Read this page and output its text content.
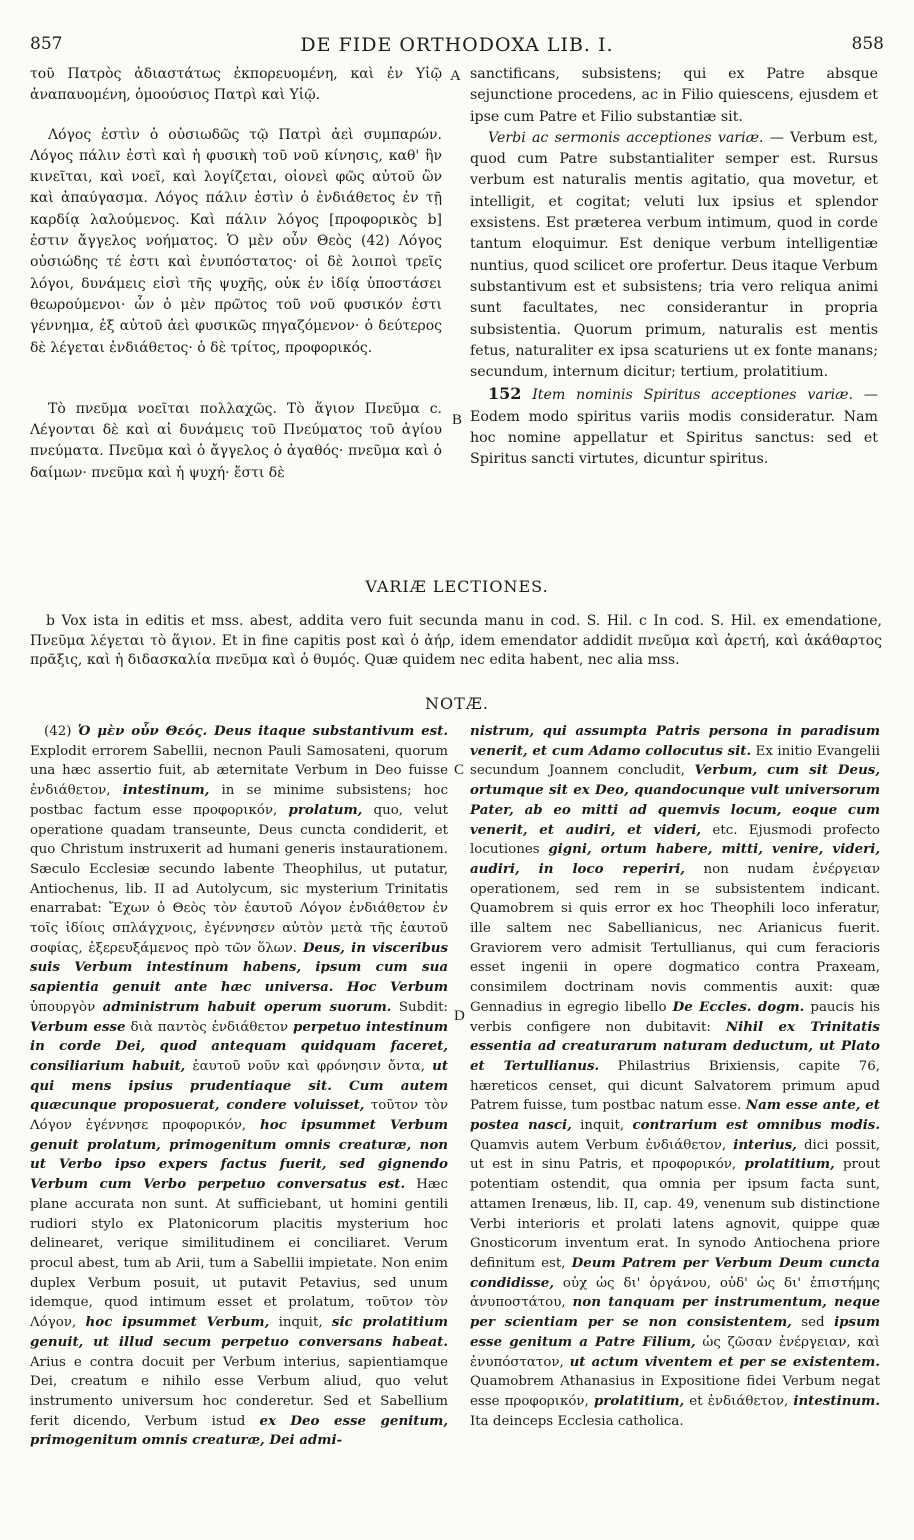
857	DE FIDE ORTHODOXA LIB. I.	858

τοῦ Πατρὸς ἀδιαστάτως ἐκπορευομένη, καὶ ἐν Υἱῷ ἀναπαυομένη, ὁμοούσιος Πατρὶ καὶ Υἱῷ.

Λόγος ἐστὶν ὁ οὐσιωδῶς τῷ Πατρὶ ἀεὶ συμπαρών. Λόγος πάλιν ἐστὶ καὶ ἡ φυσικὴ τοῦ νοῦ κίνησις, καθ' ἣν κινεῖται, καὶ νοεῖ, καὶ λογίζεται, οἱονεὶ φῶς αὐτοῦ ὢν καὶ ἀπαύγασμα. Λόγος πάλιν ἐστὶν ὁ ἐνδιάθετος ἐν τῇ καρδίᾳ λαλούμενος. Καὶ πάλιν λόγος [προφορικὸς b] ἐστιν ἄγγελος νοήματος. Ὁ μὲν οὖν Θεὸς (42) Λόγος οὐσιώδης τέ ἐστι καὶ ἐνυπόστατος· οἱ δὲ λοιποὶ τρεῖς λόγοι, δυνάμεις εἰσὶ τῆς ψυχῆς, οὐκ ἐν ἰδίᾳ ὑποστάσει θεωρούμενοι· ὧν ὁ μὲν πρῶτος τοῦ νοῦ φυσικόν ἐστι γέννημα, ἐξ αὐτοῦ ἀεὶ φυσικῶς πηγαζόμενον· ὁ δεύτερος δὲ λέγεται ἐνδιάθετος· ὁ δὲ τρίτος, προφορικός.

Τὸ πνεῦμα νοεῖται πολλαχῶς. Τὸ ἅγιον Πνεῦμα c. Λέγονται δὲ καὶ αἱ δυνάμεις τοῦ Πνεύματος τοῦ ἁγίου πνεύματα. Πνεῦμα καὶ ὁ ἄγγελος ὁ ἀγαθός· πνεῦμα καὶ ὁ δαίμων· πνεῦμα καὶ ἡ ψυχή· ἔστι δὲ

sanctificans, subsistens; qui ex Patre absque sejunctione procedens, ac in Filio quiescens, ejusdem et ipse cum Patre et Filio substantiæ sit.

Verbi ac sermonis acceptiones variæ. — Verbum est, quod cum Patre substantialiter semper est. Rursus verbum est naturalis mentis agitatio, qua movetur, et intelligit, et cogitat; veluti lux ipsius et splendor exsistens. Est præterea verbum intimum, quod in corde tantum eloquimur. Est denique verbum intelligentiæ nuntius, quod scilicet ore profertur. Deus itaque Verbum substantivum est et subsistens; tria vero reliqua animi sunt facultates, nec considerantur in propria subsistentia. Quorum primum, naturalis est mentis fetus, naturaliter ex ipsa scaturiens ut ex fonte manans; secundum, internum dicitur; tertium, prolatitium.

152 Item nominis Spiritus acceptiones variæ. — Eodem modo spiritus variis modis consideratur. Nam hoc nomine appellatur et Spiritus sanctus: sed et Spiritus sancti virtutes, dicuntur spiritus.

A
B
C
D
VARIÆ LECTIONES.

b Vox ista in editis et mss. abest, addita vero fuit secunda manu in cod. S. Hil. c In cod. S. Hil. ex emendatione, Πνεῦμα λέγεται τὸ ἅγιον. Et in fine capitis post καὶ ὁ ἀήρ, idem emendator addidit πνεῦμα καὶ ἀρετή, καὶ ἀκάθαρτος πρᾶξις, καὶ ἡ διδασκαλία πνεῦμα καὶ ὁ θυμός. Quæ quidem nec edita habent, nec alia mss.

NOTÆ.

(42) Ὁ μὲν οὖν Θεός. Deus itaque substantivum est. Explodit errorem Sabellii, necnon Pauli Samosateni, quorum una hæc assertio fuit, ab æternitate Verbum in Deo fuisse ἐνδιάθετον, intestinum, in se minime subsistens; hoc postbac factum esse προφορικόν, prolatum, quo, velut operatione quadam transeunte, Deus cuncta condiderit, et quo Christum instruxerit ad humani generis instaurationem. Sæculo Ecclesiæ secundo labente Theophilus, ut putatur, Antiochenus, lib. II ad Autolycum, sic mysterium Trinitatis enarrabat: Ἔχων ὁ Θεὸς τὸν ἑαυτοῦ Λόγον ἐνδιάθετον ἐν τοῖς ἰδίοις σπλάγχνοις, ἐγέννησεν αὐτὸν μετὰ τῆς ἑαυτοῦ σοφίας, ἐξερευξάμενος πρὸ τῶν ὅλων. Deus, in visceribus suis Verbum intestinum habens, ipsum cum sua sapientia genuit ante hæc universa. Hoc Verbum ὑπουργὸν administrum habuit operum suorum. Subdit: Verbum esse διὰ παντὸς ἐνδιάθετον perpetuo intestinum in corde Dei, quod antequam quidquam faceret, consiliarium habuit, ἑαυτοῦ νοῦν καὶ φρόνησιν ὄντα, ut qui mens ipsius prudentiaque sit. Cum autem quæcunque proposuerat, condere voluisset, τοῦτον τὸν Λόγον ἐγέννησε προφορικόν, hoc ipsummet Verbum genuit prolatum, primogenitum omnis creaturæ, non ut Verbo ipso expers factus fuerit, sed gignendo Verbum cum Verbo perpetuo conversatus est. Hæc plane accurata non sunt. At sufficiebant, ut homini gentili rudiori stylo ex Platonicorum placitis mysterium hoc delinearet, verique similitudinem ei conciliaret. Verum procul abest, tum ab Arii, tum a Sabellii impietate. Non enim duplex Verbum posuit, ut putavit Petavius, sed unum idemque, quod intimum esset et prolatum, τοῦτον τὸν Λόγον, hoc ipsummet Verbum, inquit, sic prolatitium genuit, ut illud secum perpetuo conversans habeat. Arius e contra docuit per Verbum interius, sapientiamque Dei, creatum e nihilo esse Verbum aliud, quo velut instrumento universum hoc conderetur. Sed et Sabellium ferit dicendo, Verbum istud ex Deo esse genitum, primogenitum omnis creaturæ, Dei admi-

nistrum, qui assumpta Patris persona in paradisum venerit, et cum Adamo collocutus sit. Ex initio Evangelii secundum Joannem concludit, Verbum, cum sit Deus, ortumque sit ex Deo, quandocunque vult universorum Pater, ab eo mitti ad quemvis locum, eoque cum venerit, et audiri, et videri, etc. Ejusmodi profecto locutiones gigni, ortum habere, mitti, venire, videri, audiri, in loco reperiri, non nudam ἐνέργειαν operationem, sed rem in se subsistentem indicant. Quamobrem si quis error ex hoc Theophili loco inferatur, ille saltem nec Sabellianicus, nec Arianicus fuerit. Graviorem vero admisit Tertullianus, qui cum feracioris esset ingenii in opere dogmatico contra Praxeam, consimilem doctrinam novis commentis auxit: quæ Gennadius in egregio libello De Eccles. dogm. paucis his verbis configere non dubitavit: Nihil ex Trinitatis essentia ad creaturarum naturam deductum, ut Plato et Tertullianus. Philastrius Brixiensis, capite 76, hæreticos censet, qui dicunt Salvatorem primum apud Patrem fuisse, tum postbac natum esse. Nam esse ante, et postea nasci, inquit, contrarium est omnibus modis. Quamvis autem Verbum ἐνδιάθετον, interius, dici possit, ut est in sinu Patris, et προφορικόν, prolatitium, prout potentiam ostendit, qua omnia per ipsum facta sunt, attamen Irenæus, lib. II, cap. 49, venenum sub distinctione Verbi interioris et prolati latens agnovit, quippe quæ Gnosticorum inventum erat. In synodo Antiochena priore definitum est, Deum Patrem per Verbum Deum cuncta condidisse, οὐχ ὡς δι' ὀργάνου, οὐδ' ὡς δι' ἐπιστήμης ἀνυποστάτου, non tanquam per instrumentum, neque per scientiam per se non consistentem, sed ipsum esse genitum a Patre Filium, ὡς ζῶσαν ἐνέργειαν, καὶ ἐνυπόστατον, ut actum viventem et per se existentem. Quamobrem Athanasius in Expositione fidei Verbum negat esse προφορικόν, prolatitium, et ἐνδιάθετον, intestinum. Ita deinceps Ecclesia catholica.
